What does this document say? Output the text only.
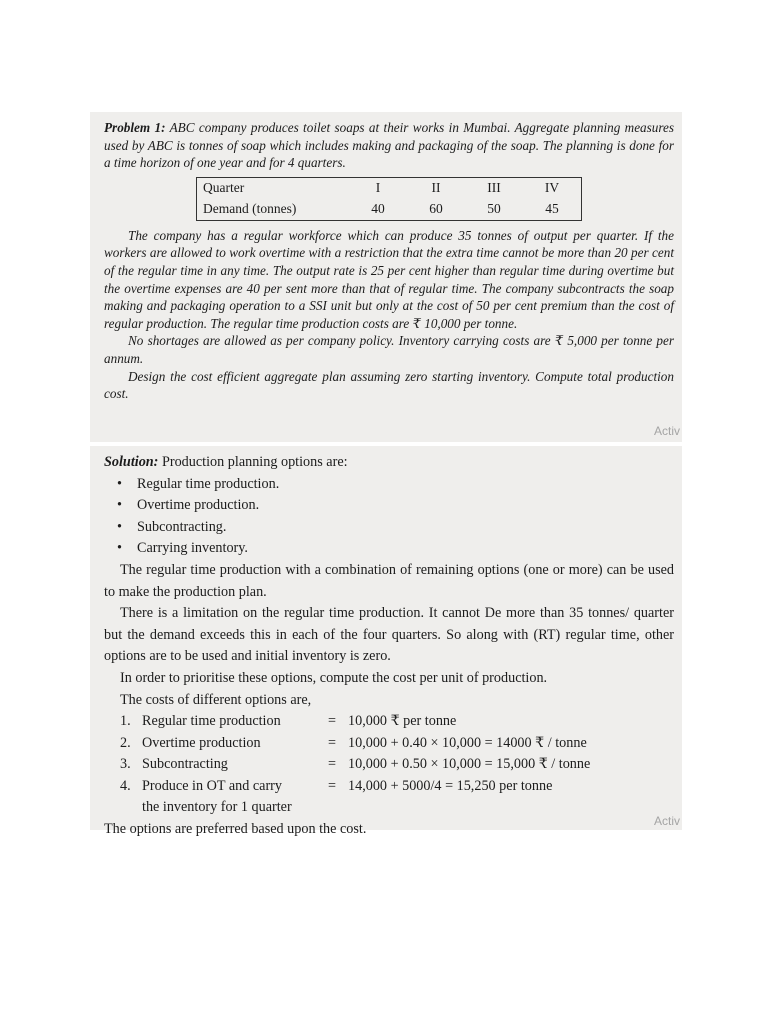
Problem 1: ABC company produces toilet soaps at their works in Mumbai. Aggregate planning measures used by ABC is tonnes of soap which includes making and packaging of the soap. The planning is done for a time horizon of one year and for 4 quarters.

Quarter	I	II	III	IV
Demand (tonnes)	40	60	50	45

The company has a regular workforce which can produce 35 tonnes of output per quarter. If the workers are allowed to work overtime with a restriction that the extra time cannot be more than 20 per cent of the regular time in any time. The output rate is 25 per cent higher than regular time during overtime but the overtime expenses are 40 per sent more than that of regular time. The company subcontracts the soap making and packaging operation to a SSI unit but only at the cost of 50 per cent premium than the cost of regular production. The regular time production costs are ₹ 10,000 per tonne.

No shortages are allowed as per company policy. Inventory carrying costs are ₹ 5,000 per tonne per annum.

Design the cost efficient aggregate plan assuming zero starting inventory. Compute total production cost.

Activ

Solution: Production planning options are:

• Regular time production.
• Overtime production.
• Subcontracting.
• Carrying inventory.

The regular time production with a combination of remaining options (one or more) can be used to make the production plan.

There is a limitation on the regular time production. It cannot De more than 35 tonnes/ quarter but the demand exceeds this in each of the four quarters. So along with (RT) regular time, other options are to be used and initial inventory is zero.

In order to prioritise these options, compute the cost per unit of production.

The costs of different options are,

1. Regular time production	= 10,000 ₹ per tonne
2. Overtime production	= 10,000 + 0.40 × 10,000 = 14000 ₹ / tonne
3. Subcontracting	= 10,000 + 0.50 × 10,000 = 15,000 ₹ / tonne
4. Produce in OT and carry	= 14,000 + 5000/4 = 15,250 per tonne
the inventory for 1 quarter

The options are preferred based upon the cost.	Activ
